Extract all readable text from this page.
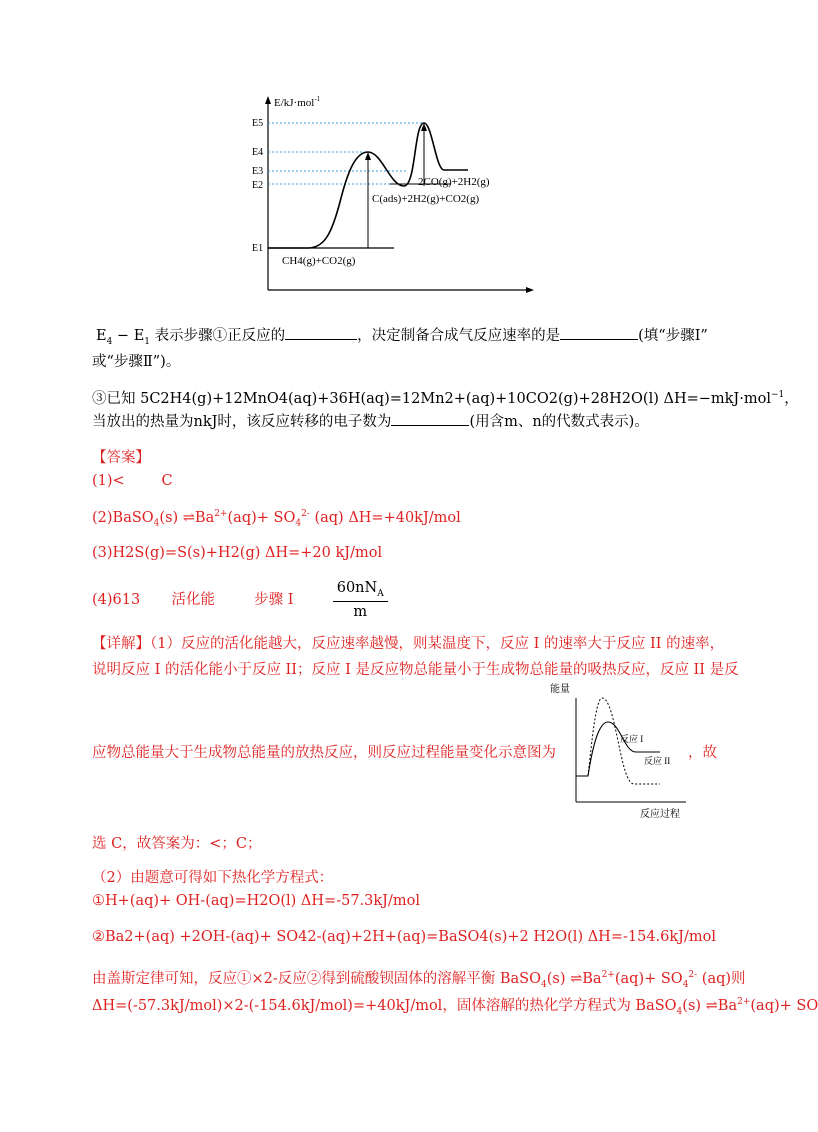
E/kJ·mol$^{-1}$
E5
E4
E3
E2
E1
2CO(g)+2H2(g)
C(ads)+2H2(g)+CO2(g)
CH4(g)+CO2(g)
$E_4 - E_1$ 表示步骤①正反应的	，决定制备合成气反应速率的是	(填“步骤Ⅰ”
或“步骤Ⅱ”)。
③已知 5C2H4(g)+12MnO4(aq)+36H(aq)=12Mn2+(aq)+10CO2(g)+28H2O(l) ΔH=−mkJ·mol$^{-1}$，
当放出的热量为nkJ时，该反应转移的电子数为	(用含m、n的代数式表示)。
【答案】
(1)<        C
(2)BaSO$_4$(s) $\rightleftharpoons Ba^{2+}(aq)+ SO_4^{2-}$ (aq) ΔH=+40kJ/mol
(3)H2S(g)=S(s)+H2(g) ΔH=+20 kJ/mol
(4)613 活化能	步骤 I	$\frac{60nN_A}{m}$
【详解】（1）反应的活化能越大，反应速率越慢，则某温度下，反应 I 的速率大于反应 II 的速率，
说明反应 I 的活化能小于反应 II；反应 I 是反应物总能量小于生成物总能量的吸热反应，反应 II 是反
应物总能量大于生成物总能量的放热反应，则反应过程能量变化示意图为	，故
能量
反应 I
反应 II
反应过程
选 C，故答案为：<；C；
（2）由题意可得如下热化学方程式：
①H+(aq)+ OH-(aq)=H2O(l) ΔH=-57.3kJ/mol
②Ba2+(aq) +2OH-(aq)+ SO42-(aq)+2H+(aq)=BaSO4(s)+2 H2O(l) ΔH=-154.6kJ/mol
由盖斯定律可知，反应①×2-反应②得到硫酸钡固体的溶解平衡 BaSO$_4$(s) $\rightleftharpoons Ba^{2+}(aq)+ SO_4^{2-}$ (aq)则
ΔH=(-57.3kJ/mol)×2-(-154.6kJ/mol)=+40kJ/mol，固体溶解的热化学方程式为 BaSO$_4$(s) $\rightleftharpoons Ba^{2+}(aq)+$ SO
